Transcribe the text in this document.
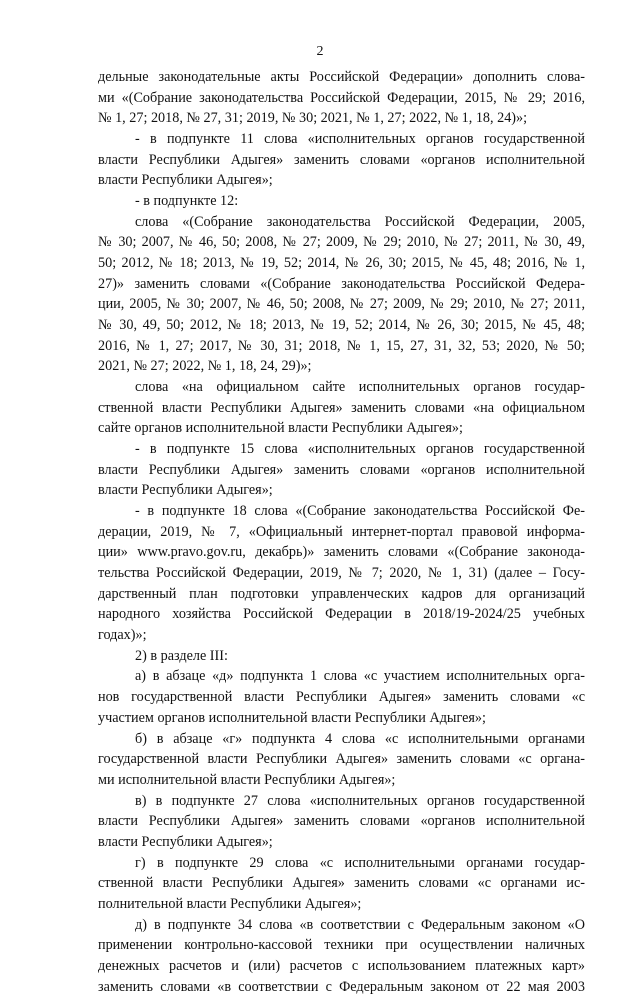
2
дельные законодательные акты Российской Федерации» дополнить слова-
ми «(Собрание законодательства Российской Федерации, 2015, № 29; 2016,
№ 1, 27; 2018, № 27, 31; 2019, № 30; 2021, № 1, 27; 2022, № 1, 18, 24)»;
- в подпункте 11 слова «исполнительных органов государственной
власти Республики Адыгея» заменить словами «органов исполнительной
власти Республики Адыгея»;
- в подпункте 12:
слова «(Собрание законодательства Российской Федерации, 2005,
№ 30; 2007, № 46, 50; 2008, № 27; 2009, № 29; 2010, № 27; 2011, № 30, 49,
50; 2012, № 18; 2013, № 19, 52; 2014, № 26, 30; 2015, № 45, 48; 2016, № 1,
27)» заменить словами «(Собрание законодательства Российской Федера-
ции, 2005, № 30; 2007, № 46, 50; 2008, № 27; 2009, № 29; 2010, № 27; 2011,
№ 30, 49, 50; 2012, № 18; 2013, № 19, 52; 2014, № 26, 30; 2015, № 45, 48;
2016, № 1, 27; 2017, № 30, 31; 2018, № 1, 15, 27, 31, 32, 53; 2020, № 50;
2021, № 27; 2022, № 1, 18, 24, 29)»;
слова «на официальном сайте исполнительных органов государ-
ственной власти Республики Адыгея» заменить словами «на официальном
сайте органов исполнительной власти Республики Адыгея»;
- в подпункте 15 слова «исполнительных органов государственной
власти Республики Адыгея» заменить словами «органов исполнительной
власти Республики Адыгея»;
- в подпункте 18 слова «(Собрание законодательства Российской Фе-
дерации, 2019, № 7, «Официальный интернет-портал правовой информа-
ции» www.pravo.gov.ru, декабрь)» заменить словами «(Собрание законода-
тельства Российской Федерации, 2019, № 7; 2020, № 1, 31) (далее – Госу-
дарственный план подготовки управленческих кадров для организаций
народного хозяйства Российской Федерации в 2018/19-2024/25 учебных
годах)»;
2) в разделе III:
а) в абзаце «д» подпункта 1 слова «с участием исполнительных орга-
нов государственной власти Республики Адыгея» заменить словами «с
участием органов исполнительной власти Республики Адыгея»;
б) в абзаце «г» подпункта 4 слова «с исполнительными органами
государственной власти Республики Адыгея» заменить словами «с органа-
ми исполнительной власти Республики Адыгея»;
в) в подпункте 27 слова «исполнительных органов государственной
власти Республики Адыгея» заменить словами «органов исполнительной
власти Республики Адыгея»;
г) в подпункте 29 слова «с исполнительными органами государ-
ственной власти Республики Адыгея» заменить словами «с органами ис-
полнительной власти Республики Адыгея»;
д) в подпункте 34 слова «в соответствии с Федеральным законом «О
применении контрольно-кассовой техники при осуществлении наличных
денежных расчетов и (или) расчетов с использованием платежных карт»
заменить словами «в соответствии с Федеральным законом от 22 мая 2003
